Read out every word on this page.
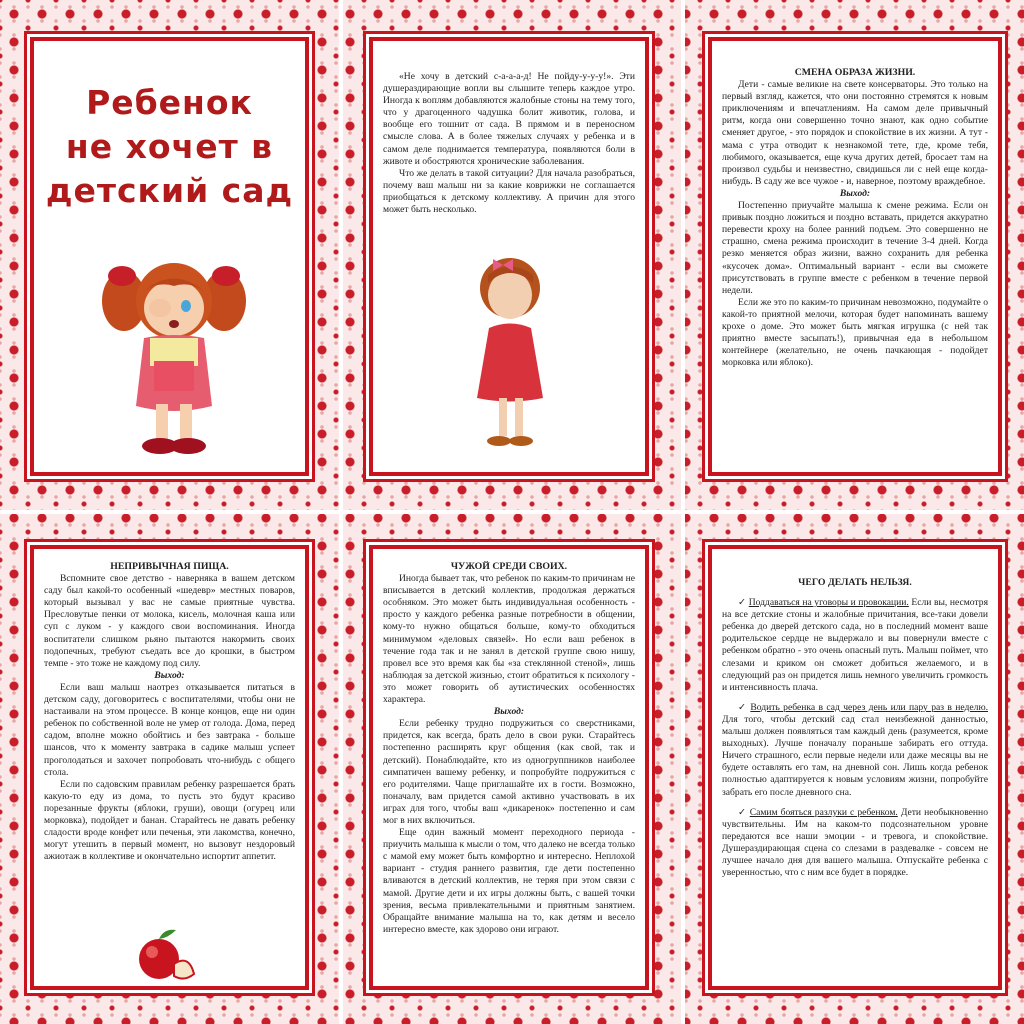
Ребенок
не хочет в
детский сад

«Не хочу в детский с-а-а-а-д! Не пойду-у-у-у!». Эти душераздирающие вопли вы слышите теперь каждое утро. Иногда к воплям добавляются жалобные стоны на тему того, что у драгоценного чадушка болит животик, голова, и вообще его тошнит от сада. В прямом и в переносном смысле слова. А в более тяжелых случаях у ребенка и в самом деле поднимается температура, появляются боли в животе и обостряются хронические заболевания.

Что же делать в такой ситуации? Для начала разобраться, почему ваш малыш ни за какие коврижки не соглашается приобщаться к детскому коллективу. А причин для этого может быть несколько.

СМЕНА ОБРАЗА ЖИЗНИ.

Дети - самые великие на свете консерваторы. Это только на первый взгляд, кажется, что они постоянно стремятся к новым приключениям и впечатлениям. На самом деле привычный ритм, когда они совершенно точно знают, как одно событие сменяет другое, - это порядок и спокойствие в их жизни. А тут - мама с утра отводит к незнакомой тете, где, кроме тебя, любимого, оказывается, еще куча других детей, бросает там на произвол судьбы и неизвестно, свидишься ли с ней еще когда-нибудь. В саду же все чужое - и, наверное, поэтому враждебное.

Выход:

Постепенно приучайте малыша к смене режима. Если он привык поздно ложиться и поздно вставать, придется аккуратно перевести кроху на более ранний подъем. Это совершенно не страшно, смена режима происходит в течение 3-4 дней. Когда резко меняется образ жизни, важно сохранить для ребенка «кусочек дома». Оптимальный вариант - если вы сможете присутствовать в группе вместе с ребенком в течение первой недели.

Если же это по каким-то причинам невозможно, подумайте о какой-то приятной мелочи, которая будет напоминать вашему крохе о доме. Это может быть мягкая игрушка (с ней так приятно вместе засыпать!), привычная еда в небольшом контейнере (желательно, не очень пачкающая - подойдет морковка или яблоко).

НЕПРИВЫЧНАЯ ПИЩА.

Вспомните свое детство - наверняка в вашем детском саду был какой-то особенный «шедевр» местных поваров, который вызывал у вас не самые приятные чувства. Пресловутые пенки от молока, кисель, молочная каша или суп с луком - у каждого свои воспоминания. Иногда воспитатели слишком рьяно пытаются накормить своих подопечных, требуют съедать все до крошки, в быстром темпе - это тоже не каждому под силу.

Выход:

Если ваш малыш наотрез отказывается питаться в детском саду, договоритесь с воспитателями, чтобы они не настаивали на этом процессе. В конце концов, еще ни один ребенок по собственной воле не умер от голода. Дома, перед садом, вполне можно обойтись и без завтрака - больше шансов, что к моменту завтрака в садике малыш успеет проголодаться и захочет попробовать что-нибудь с общего стола.

Если по садовским правилам ребенку разрешается брать какую-то еду из дома, то пусть это будут красиво порезанные фрукты (яблоки, груши), овощи (огурец или морковка), подойдет и банан. Старайтесь не давать ребенку сладости вроде конфет или печенья, эти лакомства, конечно, могут утешить в первый момент, но вызовут нездоровый ажиотаж в коллективе и окончательно испортит аппетит.

ЧУЖОЙ СРЕДИ СВОИХ.

Иногда бывает так, что ребенок по каким-то причинам не вписывается в детский коллектив, продолжая держаться особняком. Это может быть индивидуальная особенность - просто у каждого ребенка разные потребности в общении, кому-то нужно общаться больше, кому-то обходиться минимумом «деловых связей». Но если ваш ребенок в течение года так и не занял в детской группе свою нишу, провел все это время как бы «за стеклянной стеной», лишь наблюдая за детской жизнью, стоит обратиться к психологу - это может говорить об аутистических особенностях характера.

Выход:

Если ребенку трудно подружиться со сверстниками, придется, как всегда, брать дело в свои руки. Старайтесь постепенно расширять круг общения (как свой, так и детский). Понаблюдайте, кто из одногруппников наиболее симпатичен вашему ребенку, и попробуйте подружиться с его родителями. Чаще приглашайте их в гости. Возможно, поначалу, вам придется самой активно участвовать в их играх для того, чтобы ваш «дикаренок» постепенно и сам мог в них включиться.

Еще один важный момент переходного периода - приучить малыша к мысли о том, что далеко не всегда только с мамой ему может быть комфортно и интересно. Неплохой вариант - студия раннего развития, где дети постепенно вливаются в детский коллектив, не теряя при этом связи с мамой. Другие дети и их игры должны быть, с вашей точки зрения, весьма привлекательными и приятным занятием. Обращайте внимание малыша на то, как детям и весело интересно вместе, как здорово они играют.

ЧЕГО ДЕЛАТЬ НЕЛЬЗЯ.

✓ Поддаваться на уговоры и провокации. Если вы, несмотря на все детские стоны и жалобные причитания, все-таки довели ребенка до дверей детского сада, но в последний момент ваше родительское сердце не выдержало и вы повернули вместе с ребенком обратно - это очень опасный путь. Малыш поймет, что слезами и криком он сможет добиться желаемого, и в следующий раз он придется лишь немного увеличить громкость и интенсивность плача.

✓ Водить ребенка в сад через день или пару раз в неделю. Для того, чтобы детский сад стал неизбежной данностью, малыш должен появляться там каждый день (разумеется, кроме выходных). Лучше поначалу пораньше забирать его оттуда. Ничего страшного, если первые недели или даже месяцы вы не будете оставлять его там, на дневной сон. Лишь когда ребенок полностью адаптируется к новым условиям жизни, попробуйте забрать его после дневного сна.

✓ Самим бояться разлуки с ребенком. Дети необыкновенно чувствительны. Им на каком-то подсознательном уровне передаются все наши эмоции - и тревога, и спокойствие. Душераздирающая сцена со слезами в раздевалке - совсем не лучшее начало дня для вашего малыша. Отпускайте ребенка с уверенностью, что с ним все будет в порядке.
